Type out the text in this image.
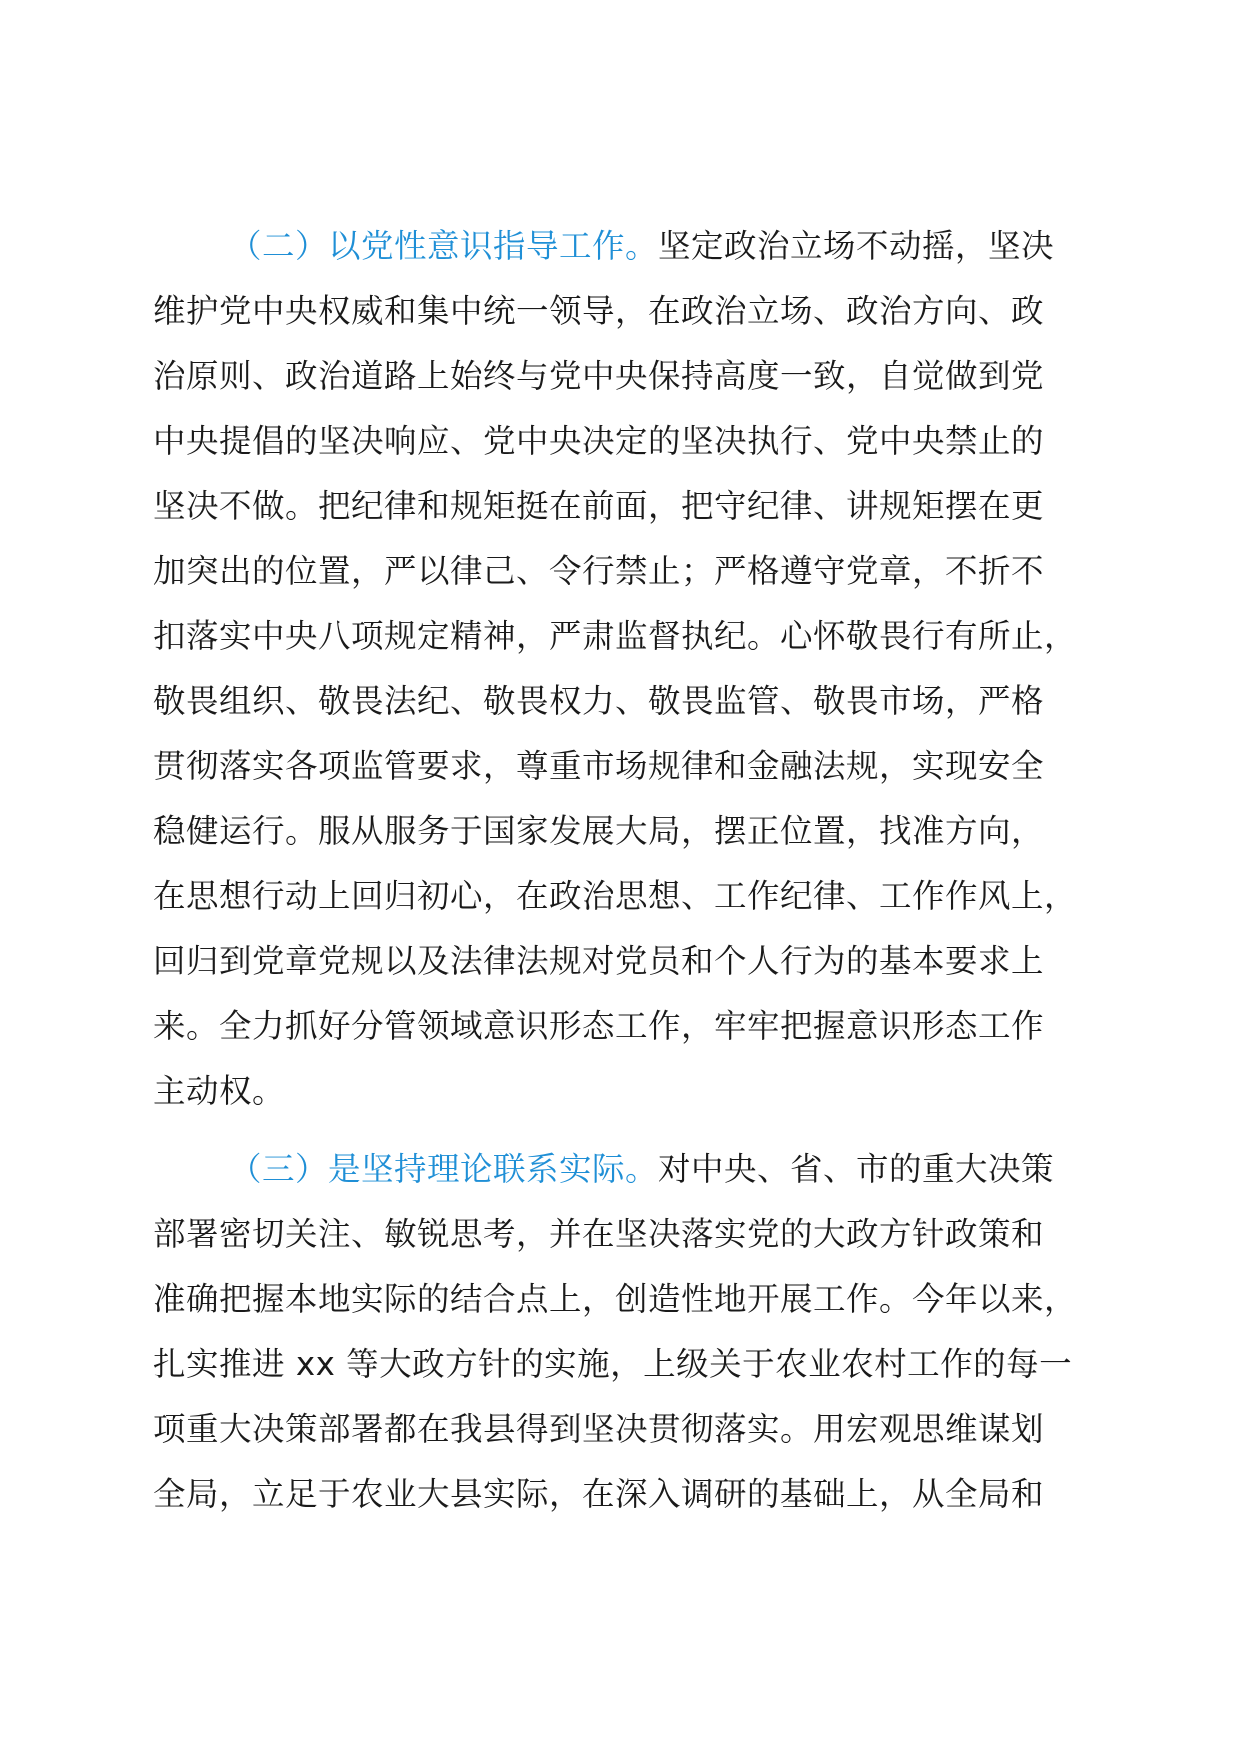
（二）以党性意识指导工作。坚定政治立场不动摇，坚决
维护党中央权威和集中统一领导，在政治立场、政治方向、政
治原则、政治道路上始终与党中央保持高度一致，自觉做到党
中央提倡的坚决响应、党中央决定的坚决执行、党中央禁止的
坚决不做。把纪律和规矩挺在前面，把守纪律、讲规矩摆在更
加突出的位置，严以律己、令行禁止；严格遵守党章，不折不
扣落实中央八项规定精神，严肃监督执纪。心怀敬畏行有所止，
敬畏组织、敬畏法纪、敬畏权力、敬畏监管、敬畏市场，严格
贯彻落实各项监管要求，尊重市场规律和金融法规，实现安全
稳健运行。服从服务于国家发展大局，摆正位置，找准方向，
在思想行动上回归初心，在政治思想、工作纪律、工作作风上，
回归到党章党规以及法律法规对党员和个人行为的基本要求上
来。全力抓好分管领域意识形态工作，牢牢把握意识形态工作
主动权。

（三）是坚持理论联系实际。对中央、省、市的重大决策
部署密切关注、敏锐思考，并在坚决落实党的大政方针政策和
准确把握本地实际的结合点上，创造性地开展工作。今年以来，
扎实推进 xx 等大政方针的实施，上级关于农业农村工作的每一
项重大决策部署都在我县得到坚决贯彻落实。用宏观思维谋划
全局，立足于农业大县实际，在深入调研的基础上，从全局和
